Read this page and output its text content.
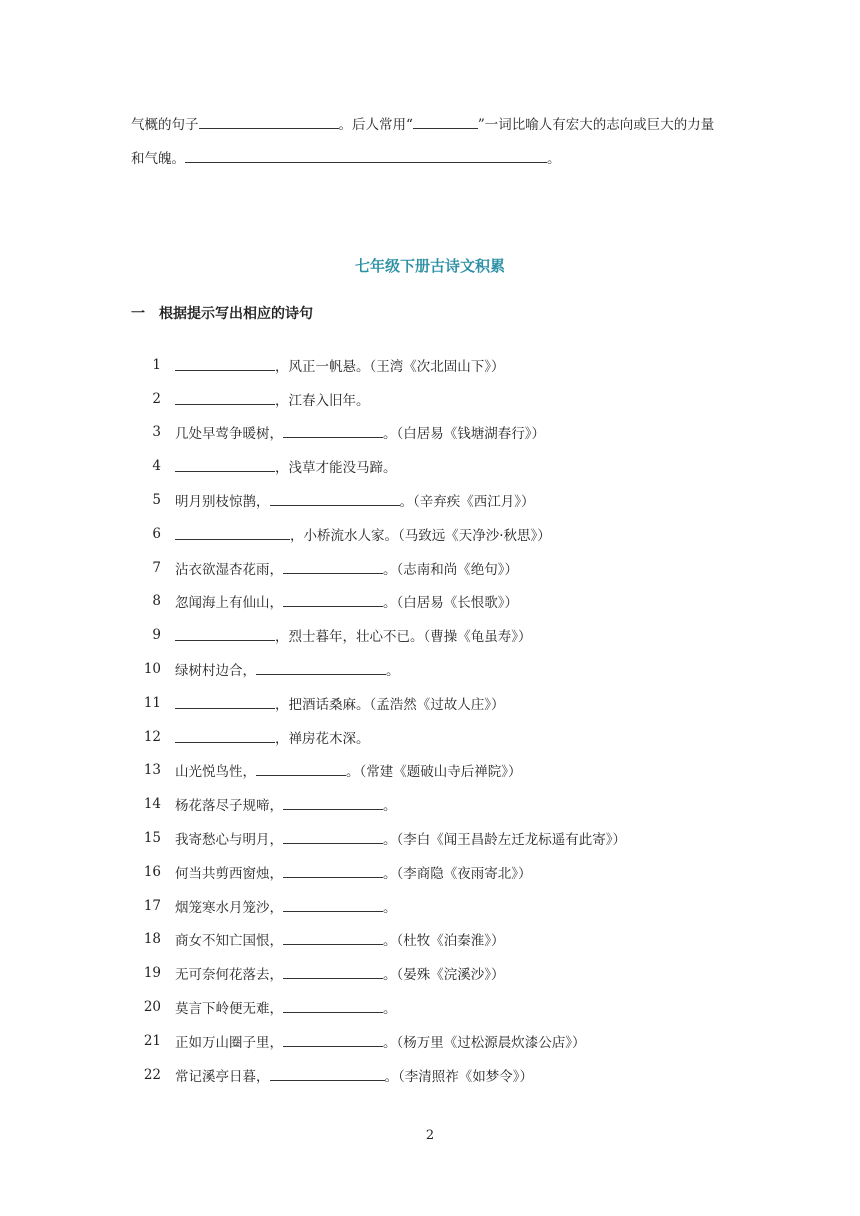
气概的句子	。后人常用“	”一词比喻人有宏大的志向或巨大的力量
和气魄。	。
七年级下册古诗文积累
一 根据提示写出相应的诗句
1	，风正一帆悬。（王湾《次北固山下》）
2	，江春入旧年。
3	几处早莺争暖树，	。（白居易《钱塘湖春行》）
4	，浅草才能没马蹄。
5	明月别枝惊鹊，	。（辛弃疾《西江月》）
6	，小桥流水人家。（马致远《天净沙·秋思》）
7	沾衣欲湿杏花雨，	。（志南和尚《绝句》）
8	忽闻海上有仙山，	。（白居易《长恨歌》）
9	，烈士暮年，壮心不已。（曹操《龟虽寿》）
10	绿树村边合，	。
11	，把酒话桑麻。（孟浩然《过故人庄》）
12	，禅房花木深。
13	山光悦鸟性，	。（常建《题破山寺后禅院》）
14	杨花落尽子规啼，	。
15	我寄愁心与明月，	。（李白《闻王昌龄左迁龙标遥有此寄》）
16	何当共剪西窗烛，	。（李商隐《夜雨寄北》）
17	烟笼寒水月笼沙，	。
18	商女不知亡国恨，	。（杜牧《泊秦淮》）
19	无可奈何花落去，	。（晏殊《浣溪沙》）
20	莫言下岭便无难，	。
21	正如万山圈子里，	。（杨万里《过松源晨炊漆公店》）
22	常记溪亭日暮，	。（李清照祚《如梦令》）
2
